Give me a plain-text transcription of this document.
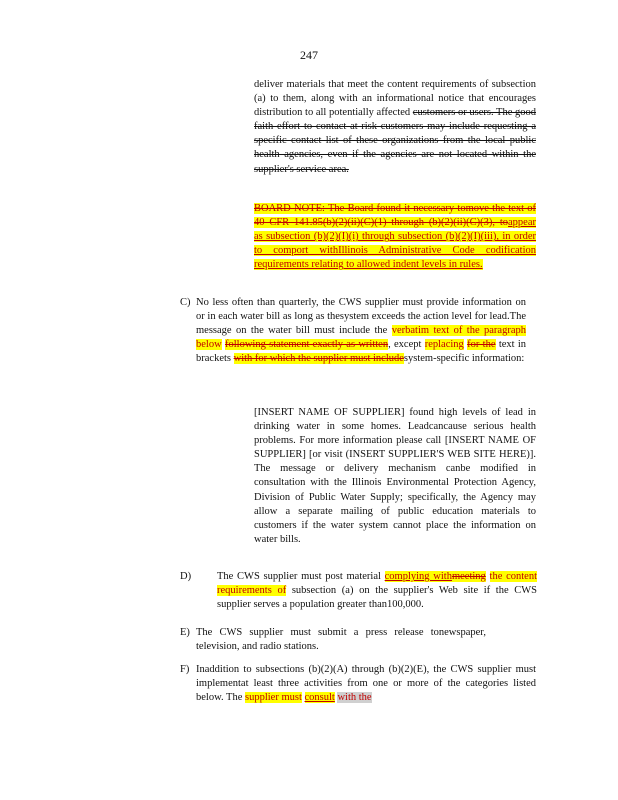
247
deliver materials that meet the content requirements of subsection (a) to them, along with an informational notice that encourages distribution to all potentially affected customers or users. The good faith effort to contact at-risk customers may include requesting a specific contact list of these organizations from the local public health agencies, even if the agencies are not located within the supplier's service area.
BOARD NOTE: The Board found it necessary tomove the text of 40 CFR 141.85(b)(2)(ii)(C)(1) through (b)(2)(ii)(C)(3), toappear as subsection (b)(2)(I)(i) through subsection (b)(2)(I)(iii), in order to comport withIllinois Administrative Code codification requirements relating to allowed indent levels in rules.
C) No less often than quarterly, the CWS supplier must provide information on or in each water bill as long as thesystem exceeds the action level for lead.The message on the water bill must include the verbatim text of the paragraph below following statement exactly as written, except replacing for the text in brackets with for which the supplier must includesystem-specific information:
[INSERT NAME OF SUPPLIER] found high levels of lead in drinking water in some homes. Leadcancause serious health problems. For more information please call [INSERT NAME OF SUPPLIER] [or visit (INSERT SUPPLIER'S WEB SITE HERE)]. The message or delivery mechanism canbe modified in consultation with the Illinois Environmental Protection Agency, Division of Public Water Supply; specifically, the Agency may allow a separate mailing of public education materials to customers if the water system cannot place the information on water bills.
D) The CWS supplier must post material complying withmeeting the content requirements of subsection (a) on the supplier's Web site if the CWS supplier serves a population greater than100,000.
E) The CWS supplier must submit a press release tonewspaper, television, and radio stations.
F) Inaddition to subsections (b)(2)(A) through (b)(2)(E), the CWS supplier must implementat least three activities from one or more of the categories listed below. The supplier must consult with the
